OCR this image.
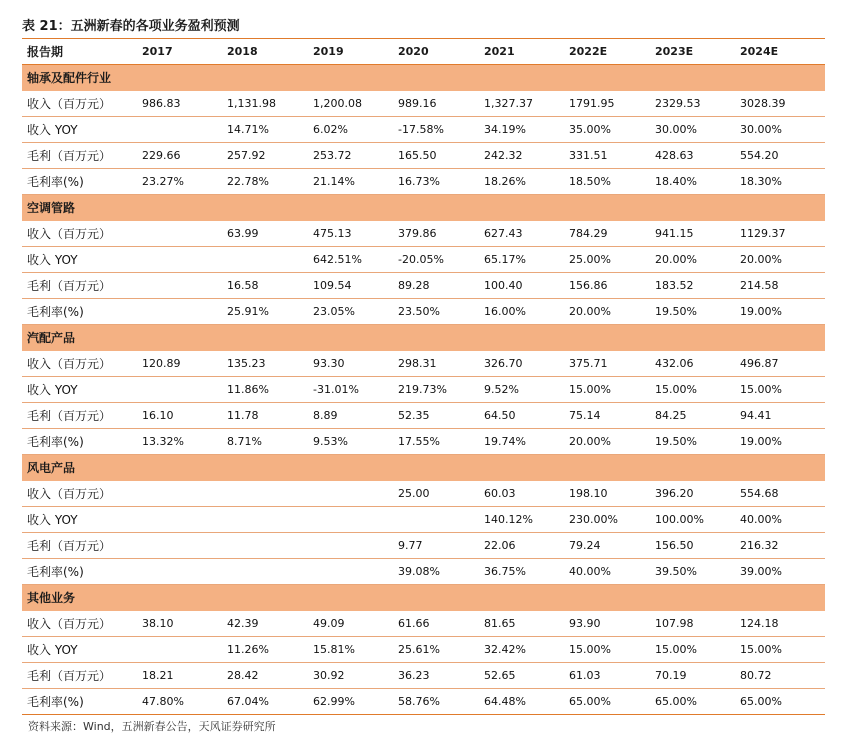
表 21：五洲新春的各项业务盈利预测
报告期	2017	2018	2019	2020	2021	2022E	2023E	2024E
轴承及配件行业								
收入（百万元）	986.83	1,131.98	1,200.08	989.16	1,327.37	1791.95	2329.53	3028.39
收入 YOY		14.71%	6.02%	-17.58%	34.19%	35.00%	30.00%	30.00%
毛利（百万元）	229.66	257.92	253.72	165.50	242.32	331.51	428.63	554.20
毛利率(%)	23.27%	22.78%	21.14%	16.73%	18.26%	18.50%	18.40%	18.30%
空调管路								
收入（百万元）		63.99	475.13	379.86	627.43	784.29	941.15	1129.37
收入 YOY			642.51%	-20.05%	65.17%	25.00%	20.00%	20.00%
毛利（百万元）		16.58	109.54	89.28	100.40	156.86	183.52	214.58
毛利率(%)		25.91%	23.05%	23.50%	16.00%	20.00%	19.50%	19.00%
汽配产品								
收入（百万元）	120.89	135.23	93.30	298.31	326.70	375.71	432.06	496.87
收入 YOY		11.86%	-31.01%	219.73%	9.52%	15.00%	15.00%	15.00%
毛利（百万元）	16.10	11.78	8.89	52.35	64.50	75.14	84.25	94.41
毛利率(%)	13.32%	8.71%	9.53%	17.55%	19.74%	20.00%	19.50%	19.00%
风电产品								
收入（百万元）				25.00	60.03	198.10	396.20	554.68
收入 YOY					140.12%	230.00%	100.00%	40.00%
毛利（百万元）				9.77	22.06	79.24	156.50	216.32
毛利率(%)				39.08%	36.75%	40.00%	39.50%	39.00%
其他业务								
收入（百万元）	38.10	42.39	49.09	61.66	81.65	93.90	107.98	124.18
收入 YOY		11.26%	15.81%	25.61%	32.42%	15.00%	15.00%	15.00%
毛利（百万元）	18.21	28.42	30.92	36.23	52.65	61.03	70.19	80.72
毛利率(%)	47.80%	67.04%	62.99%	58.76%	64.48%	65.00%	65.00%	65.00%
资料来源：Wind，五洲新春公告，天风证券研究所
